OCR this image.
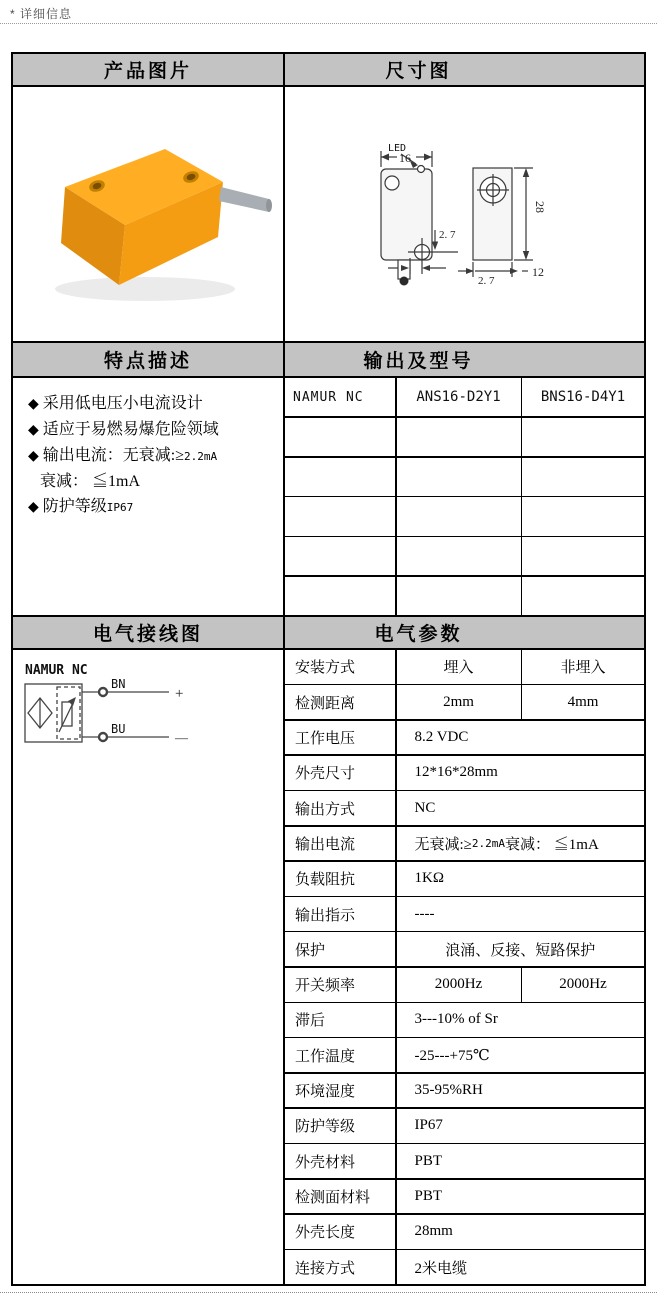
* 详细信息
产品图片	尺寸图
LED
16
2. 7
28
12
2. 7
特点描述	输出及型号
◆ 采用低电压小电流设计
◆ 适应于易燃易爆危险领域
◆ 输出电流：无衰减:≥2.2mA
衰减： ≦1mA
◆ 防护等级IP67
NAMUR NC	ANS16-D2Y1	BNS16-D4Y1
电气接线图	电气参数
NAMUR NC
BN
BU
+
—
安装方式	埋入	非埋入
检测距离	2mm	4mm
工作电压	8.2 VDC
外壳尺寸	12*16*28mm
输出方式	NC
输出电流	无衰减:≥ 2.2mA 衰减： ≦1mA
负载阻抗	1KΩ
输出指示	----
保护	浪涌、反接、短路保护
开关频率	2000Hz	2000Hz
滞后	3---10% of Sr
工作温度	-25---+75℃
环境湿度	35-95%RH
防护等级	IP67
外壳材料	PBT
检测面材料	PBT
外壳长度	28mm
连接方式	2米电缆
